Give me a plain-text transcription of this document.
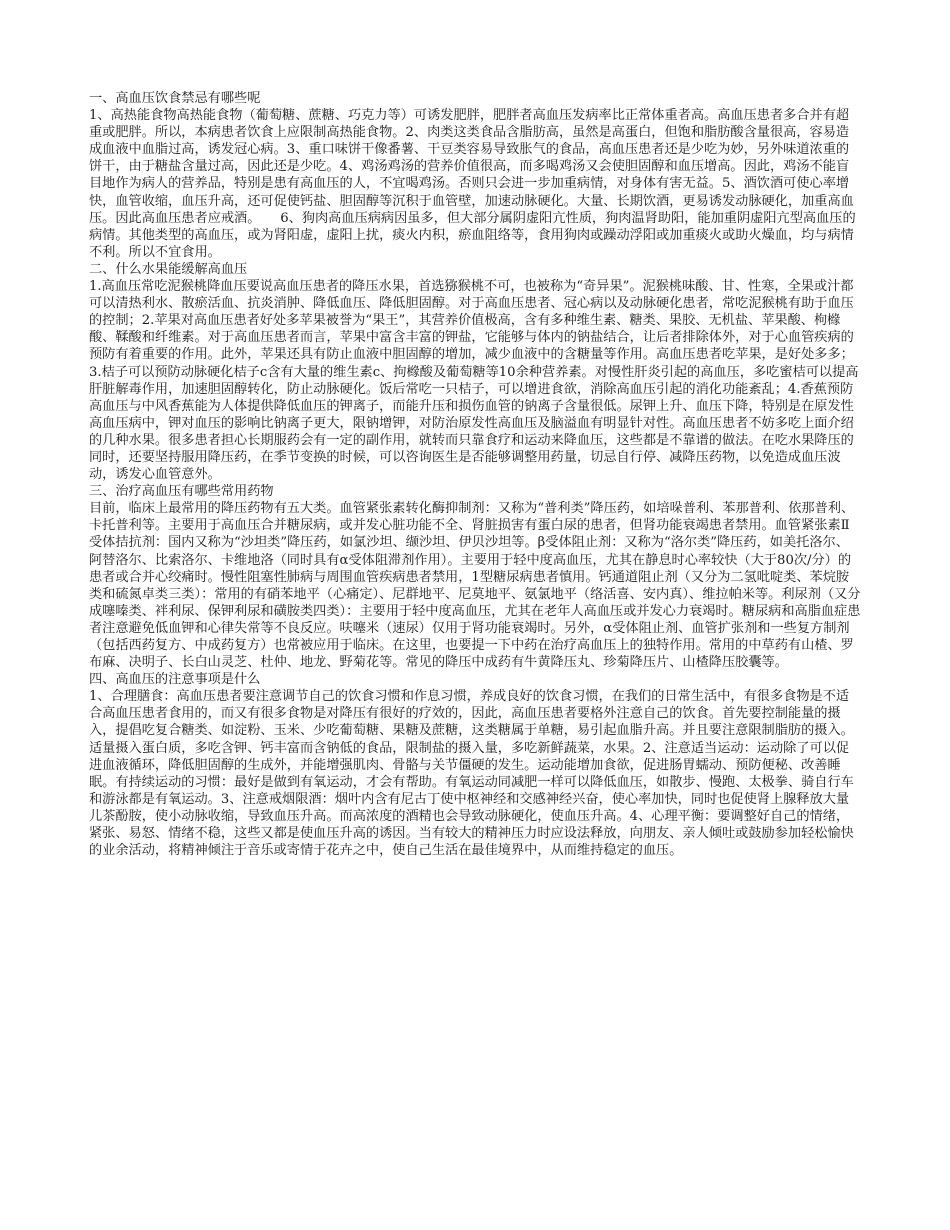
一、高血压饮食禁忌有哪些呢
1、高热能食物高热能食物（葡萄糖、蔗糖、巧克力等）可诱发肥胖，肥胖者高血压发病率比正常体重者高。高血压患者多合并有超重或肥胖。所以，本病患者饮食上应限制高热能食物。2、肉类这类食品含脂肪高，虽然是高蛋白，但饱和脂肪酸含量很高，容易造成血液中血脂过高，诱发冠心病。3、重口味饼干像番薯、干豆类容易导致胀气的食品，高血压患者还是少吃为妙，另外味道浓重的饼干，由于糖盐含量过高，因此还是少吃。4、鸡汤鸡汤的营养价值很高，而多喝鸡汤又会使胆固醇和血压增高。因此，鸡汤不能盲目地作为病人的营养品，特别是患有高血压的人，不宜喝鸡汤。否则只会进一步加重病情，对身体有害无益。5、酒饮酒可使心率增快，血管收缩，血压升高，还可促使钙盐、胆固醇等沉积于血管壁，加速动脉硬化。大量、长期饮酒，更易诱发动脉硬化，加重高血压。因此高血压患者应戒酒。　　6、狗肉高血压病病因虽多，但大部分属阴虚阳亢性质，狗肉温肾助阳，能加重阴虚阳亢型高血压的病情。其他类型的高血压，或为肾阳虚，虚阳上扰，痰火内积，瘀血阻络等，食用狗肉或躁动浮阳或加重痰火或助火燥血，均与病情不利。所以不宜食用。
二、什么水果能缓解高血压
1.高血压常吃泥猴桃降血压要说高血压患者的降压水果，首选猕猴桃不可，也被称为“奇异果”。泥猴桃味酸、甘、性寒，全果或汁都可以清热利水、散瘀活血、抗炎消肿、降低血压、降低胆固醇。对于高血压患者、冠心病以及动脉硬化患者，常吃泥猴桃有助于血压的控制；2.苹果对高血压患者好处多苹果被誉为“果王”，其营养价值极高，含有多种维生素、糖类、果胶、无机盐、苹果酸、枸橼酸、鞣酸和纤维素。对于高血压患者而言，苹果中富含丰富的钾盐，它能够与体内的钠盐结合，让后者排除体外，对于心血管疾病的预防有着重要的作用。此外，苹果还具有防止血液中胆固醇的增加，减少血液中的含糖量等作用。高血压患者吃苹果，是好处多多；3.桔子可以预防动脉硬化桔子c含有大量的维生素c、拘橼酸及葡萄糖等10余种营养素。对慢性肝炎引起的高血压，多吃蜜桔可以提高肝脏解毒作用，加速胆固醇转化，防止动脉硬化。饭后常吃一只桔子，可以增进食欲，消除高血压引起的消化功能紊乱；4.香蕉预防高血压与中风香蕉能为人体提供降低血压的钾离子，而能升压和损伤血管的钠离子含量很低。尿钾上升、血压下降，特别是在原发性高血压病中，钾对血压的影响比钠离子更大，限钠增钾，对防治原发性高血压及脑溢血有明显针对性。高血压患者不妨多吃上面介绍的几种水果。很多患者担心长期服药会有一定的副作用，就转而只靠食疗和运动来降血压，这些都是不靠谱的做法。在吃水果降压的同时，还要坚持服用降压药，在季节变换的时候，可以咨询医生是否能够调整用药量，切忌自行停、减降压药物，以免造成血压波动，诱发心血管意外。
三、治疗高血压有哪些常用药物
目前，临床上最常用的降压药物有五大类。血管紧张素转化酶抑制剂：又称为“普利类”降压药，如培哚普利、苯那普利、依那普利、卡托普利等。主要用于高血压合并糖尿病，或并发心脏功能不全、肾脏损害有蛋白尿的患者，但肾功能衰竭患者禁用。血管紧张素Ⅱ受体拮抗剂：国内又称为“沙坦类”降压药，如氯沙坦、缬沙坦、伊贝沙坦等。β受体阻止剂：又称为“洛尔类”降压药，如美托洛尔、阿替洛尔、比索洛尔、卡维地洛（同时具有α受体阻滞剂作用）。主要用于轻中度高血压，尤其在静息时心率较快（大于80次/分）的患者或合并心绞痛时。慢性阻塞性肺病与周围血管疾病患者禁用，1型糖尿病患者慎用。钙通道阻止剂（又分为二氢吡啶类、苯烷胺类和硫氮卓类三类）：常用的有硝苯地平（心痛定）、尼群地平、尼莫地平、氨氯地平（络活喜、安内真）、维拉帕米等。利尿剂（又分成噻嗪类、袢利尿、保钾利尿和磺胺类四类）：主要用于轻中度高血压，尤其在老年人高血压或并发心力衰竭时。糖尿病和高脂血症患者注意避免低血钾和心律失常等不良反应。呋噻米（速尿）仅用于肾功能衰竭时。另外，α受体阻止剂、血管扩张剂和一些复方制剂（包括西药复方、中成药复方）也常被应用于临床。在这里，也要提一下中药在治疗高血压上的独特作用。常用的中草药有山楂、罗布麻、决明子、长白山灵芝、杜仲、地龙、野菊花等。常见的降压中成药有牛黄降压丸、珍菊降压片、山楂降压胶囊等。
四、高血压的注意事项是什么
1、合理膳食：高血压患者要注意调节自己的饮食习惯和作息习惯，养成良好的饮食习惯，在我们的日常生活中，有很多食物是不适合高血压患者食用的，而又有很多食物是对降压有很好的疗效的，因此，高血压患者要格外注意自己的饮食。首先要控制能量的摄入，提倡吃复合糖类、如淀粉、玉米、少吃葡萄糖、果糖及蔗糖，这类糖属于单糖，易引起血脂升高。并且要注意限制脂肪的摄入。适量摄入蛋白质，多吃含钾、钙丰富而含钠低的食品，限制盐的摄入量，多吃新鲜蔬菜，水果。2、注意适当运动：运动除了可以促进血液循环，降低胆固醇的生成外，并能增强肌肉、骨骼与关节僵硬的发生。运动能增加食欲，促进肠胃蠕动、预防便秘、改善睡眠。有持续运动的习惯：最好是做到有氧运动，才会有帮助。有氧运动同减肥一样可以降低血压，如散步、慢跑、太极拳、骑自行车和游泳都是有氧运动。3、注意戒烟限酒：烟叶内含有尼古丁使中枢神经和交感神经兴奋，使心率加快，同时也促使肾上腺释放大量儿茶酚胺，使小动脉收缩，导致血压升高。而高浓度的酒精也会导致动脉硬化，使血压升高。4、心理平衡：要调整好自己的情绪，紧张、易怒、情绪不稳，这些又都是使血压升高的诱因。当有较大的精神压力时应设法释放，向朋友、亲人倾吐或鼓励参加轻松愉快的业余活动，将精神倾注于音乐或寄情于花卉之中，使自己生活在最佳境界中，从而维持稳定的血压。
